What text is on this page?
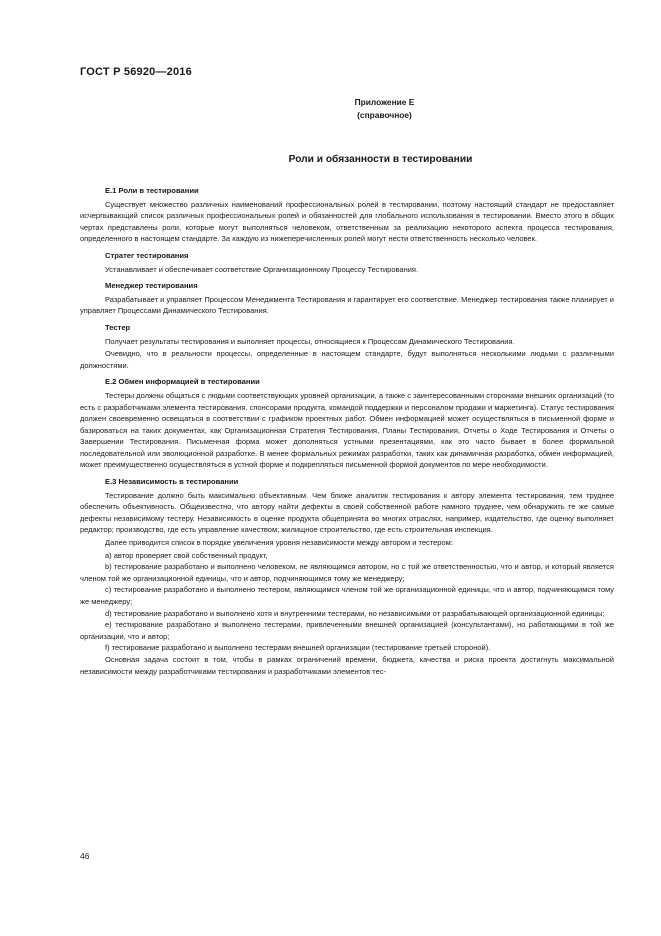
ГОСТ Р 56920—2016
Приложение Е
(справочное)
Роли и обязанности в тестировании
Е.1 Роли в тестировании

Существует множество различных наименований профессиональных ролей в тестировании, поэтому настоящий стандарт не предоставляет исчерпывающий список различных профессиональных ролей и обязанностей для глобального использования в тестировании. Вместо этого в общих чертах представлены роли, которые могут выполняться человеком, ответственным за реализацию некоторого аспекта процесса тестирования, определенного в настоящем стандарте. За каждую из нижеперечисленных ролей могут нести ответственность несколько человек.

Стратег тестирования

Устанавливает и обеспечивает соответствие Организационному Процессу Тестирования.

Менеджер тестирования

Разрабатывает и управляет Процессом Менеджмента Тестирования и гарантирует его соответствие. Менеджер тестирования также планирует и управляет Процессами Динамического Тестирования.

Тестер

Получает результаты тестирования и выполняет процессы, относящиеся к Процессам Динамического Тестирования.

Очевидно, что в реальности процессы, определенные в настоящем стандарте, будут выполняться несколькими людьми с различными должностями.

Е.2 Обмен информацией в тестировании

Тестеры должны общаться с людьми соответствующих уровней организации, а также с заинтересованными сторонами внешних организаций (то есть с разработчиками элемента тестирования, спонсорами продукта, командой поддержки и персоналом продажи и маркетинга). Статус тестирования должен своевременно освещаться в соответствии с графиком проектных работ. Обмен информацией может осуществляться в письменной форме и базироваться на таких документах, как Организационная Стратегия Тестирования, Планы Тестирования, Отчеты о Ходе Тестирования и Отчеты о Завершении Тестирования. Письменная форма может дополняться устными презентациями, как это часто бывает в более формальной последовательной или эволюционной разработке. В менее формальных режимах разработки, таких как динамичная разработка, обмен информацией, может преимущественно осуществляться в устной форме и подкрепляться письменной формой документов по мере необходимости.

Е.3 Независимость в тестировании

Тестирование должно быть максимально объективным. Чем ближе аналитик тестирования к автору элемента тестирования, тем труднее обеспечить объективность. Общеизвестно, что автору найти дефекты в своей собственной работе намного труднее, чем обнаружить те же самые дефекты независимому тестеру. Независимость в оценке продукта общепринята во многих отраслях, например, издательство, где оценку выполняет редактор; производство, где есть управление качеством; жилищное строительство, где есть строительная инспекция.

Далее приводится список в порядке увеличения уровня независимости между автором и тестером:

а) автор проверяет свой собственный продукт,

b) тестирование разработано и выполнено человеком, не являющимся автором, но с той же ответственностью, что и автор, и который является членом той же организационной единицы, что и автор, подчиняющимся тому же менеджеру;

c) тестирование разработано и выполнено тестером, являющимся членом той же организационной единицы, что и автор, подчиняющимся тому же менеджеру;

d) тестирование разработано и выполнено хотя и внутренними тестерами, но независимыми от разрабатывающей организационной единицы;

e) тестирование разработано и выполнено тестерами, привлеченными внешней организацией (консультантами), но работающими в той же организации, что и автор;

f) тестирование разработано и выполнено тестерами внешней организации (тестирование третьей стороной).

Основная задача состоит в том, чтобы в рамках ограничений времени, бюджета, качества и риска проекта достигнуть максимальной независимости между разработчиками тестирования и разработчиками элементов тес-

46
